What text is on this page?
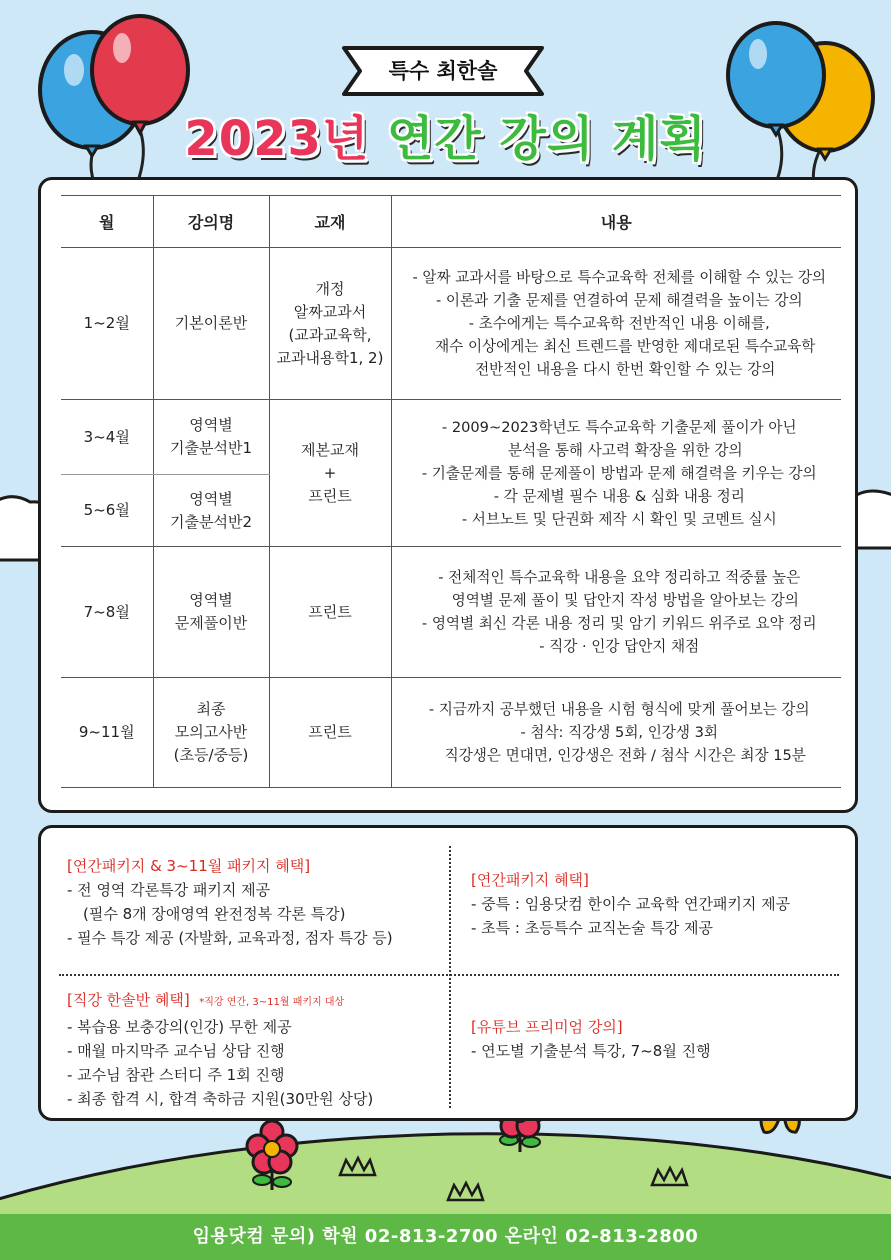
특수 최한솔
2023년 연간 강의 계획
월	강의명	교재	내용
1~2월	기본이론반	개정
알짜교과서
(교과교육학,
교과내용학1, 2)	- 알짜 교과서를 바탕으로 특수교육학 전체를 이해할 수 있는 강의
- 이론과 기출 문제를 연결하여 문제 해결력을 높이는 강의
- 초수에게는 특수교육학 전반적인 내용 이해를,
재수 이상에게는 최신 트렌드를 반영한 제대로된 특수교육학
전반적인 내용을 다시 한번 확인할 수 있는 강의

3~4월	영역별
기출분석반1	제본교재
+
프린트	- 2009~2023학년도 특수교육학 기출문제 풀이가 아닌
분석을 통해 사고력 확장을 위한 강의
- 기출문제를 통해 문제풀이 방법과 문제 해결력을 키우는 강의
- 각 문제별 필수 내용 & 심화 내용 정리
- 서브노트 및 단권화 제작 시 확인 및 코멘트 실시

5~6월	영역별
기출분석반2		

7~8월	영역별
문제풀이반	프린트	- 전체적인 특수교육학 내용을 요약 정리하고 적중률 높은
영역별 문제 풀이 및 답안지 작성 방법을 알아보는 강의
- 영역별 최신 각론 내용 정리 및 암기 키워드 위주로 요약 정리
- 직강 · 인강 답안지 채점

9~11월	최종
모의고사반
(초등/중등)	프린트	- 지금까지 공부했던 내용을 시험 형식에 맞게 풀어보는 강의
- 첨삭: 직강생 5회, 인강생 3회
직강생은 면대면, 인강생은 전화 / 첨삭 시간은 최장 15분
[연간패키지 & 3~11월 패키지 혜택]
- 전 영역 각론특강 패키지 제공
(필수 8개 장애영역 완전정복 각론 특강)
- 필수 특강 제공 (자발화, 교육과정, 점자 특강 등)
[연간패키지 혜택]
- 중특 : 임용닷컴 한이수 교육학 연간패키지 제공
- 초특 : 초등특수 교직논술 특강 제공
[직강 한솔반 혜택] *직강 연간, 3~11월 패키지 대상
- 복습용 보충강의(인강) 무한 제공
- 매월 마지막주 교수님 상담 진행
- 교수님 참관 스터디 주 1회 진행
- 최종 합격 시, 합격 축하금 지원(30만원 상당)
[유튜브 프리미엄 강의]
- 연도별 기출분석 특강, 7~8월 진행
임용닷컴 문의) 학원 02-813-2700 온라인 02-813-2800
